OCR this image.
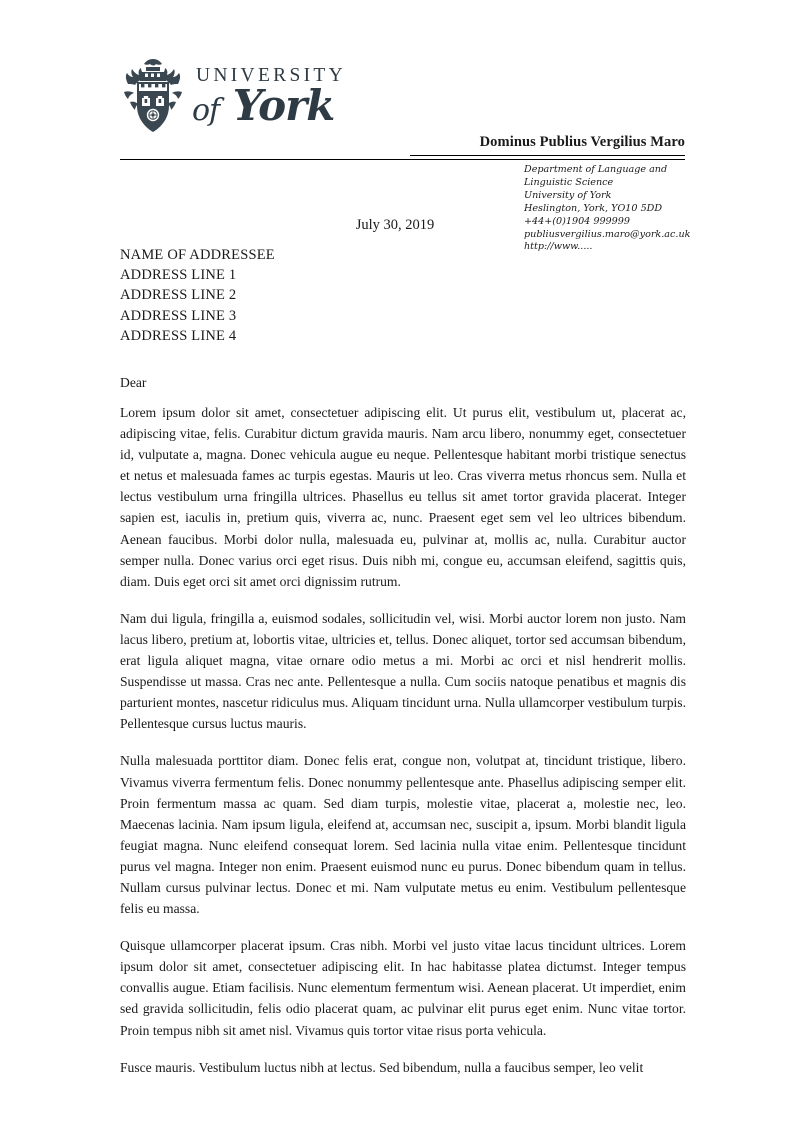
UNIVERSITY
of York
Dominus Publius Vergilius Maro
Department of Language and
Linguistic Science
University of York
Heslington, York, YO10 5DD
+44+(0)1904 999999
publiusvergilius.maro@york.ac.uk
http://www.....
July 30, 2019
NAME OF ADDRESSEE
ADDRESS LINE 1
ADDRESS LINE 2
ADDRESS LINE 3
ADDRESS LINE 4
Dear

Lorem ipsum dolor sit amet, consectetuer adipiscing elit. Ut purus elit, vestibulum ut, placerat ac, adipiscing vitae, felis. Curabitur dictum gravida mauris. Nam arcu libero, nonummy eget, consectetuer id, vulputate a, magna. Donec vehicula augue eu neque. Pellentesque habitant morbi tristique senectus et netus et malesuada fames ac turpis egestas. Mauris ut leo. Cras viverra metus rhoncus sem. Nulla et lectus vestibulum urna fringilla ultrices. Phasellus eu tellus sit amet tortor gravida placerat. Integer sapien est, iaculis in, pretium quis, viverra ac, nunc. Praesent eget sem vel leo ultrices bibendum. Aenean faucibus. Morbi dolor nulla, malesuada eu, pulvinar at, mollis ac, nulla. Curabitur auctor semper nulla. Donec varius orci eget risus. Duis nibh mi, congue eu, accumsan eleifend, sagittis quis, diam. Duis eget orci sit amet orci dignissim rutrum.

Nam dui ligula, fringilla a, euismod sodales, sollicitudin vel, wisi. Morbi auctor lorem non justo. Nam lacus libero, pretium at, lobortis vitae, ultricies et, tellus. Donec aliquet, tortor sed accumsan bibendum, erat ligula aliquet magna, vitae ornare odio metus a mi. Morbi ac orci et nisl hendrerit mollis. Suspendisse ut massa. Cras nec ante. Pellentesque a nulla. Cum sociis natoque penatibus et magnis dis parturient montes, nascetur ridiculus mus. Aliquam tincidunt urna. Nulla ullamcorper vestibulum turpis. Pellentesque cursus luctus mauris.

Nulla malesuada porttitor diam. Donec felis erat, congue non, volutpat at, tincidunt tristique, libero. Vivamus viverra fermentum felis. Donec nonummy pellentesque ante. Phasellus adipiscing semper elit. Proin fermentum massa ac quam. Sed diam turpis, molestie vitae, placerat a, molestie nec, leo. Maecenas lacinia. Nam ipsum ligula, eleifend at, accumsan nec, suscipit a, ipsum. Morbi blandit ligula feugiat magna. Nunc eleifend consequat lorem. Sed lacinia nulla vitae enim. Pellentesque tincidunt purus vel magna. Integer non enim. Praesent euismod nunc eu purus. Donec bibendum quam in tellus. Nullam cursus pulvinar lectus. Donec et mi. Nam vulputate metus eu enim. Vestibulum pellentesque felis eu massa.

Quisque ullamcorper placerat ipsum. Cras nibh. Morbi vel justo vitae lacus tincidunt ultrices. Lorem ipsum dolor sit amet, consectetuer adipiscing elit. In hac habitasse platea dictumst. Integer tempus convallis augue. Etiam facilisis. Nunc elementum fermentum wisi. Aenean placerat. Ut imperdiet, enim sed gravida sollicitudin, felis odio placerat quam, ac pulvinar elit purus eget enim. Nunc vitae tortor. Proin tempus nibh sit amet nisl. Vivamus quis tortor vitae risus porta vehicula.

Fusce mauris. Vestibulum luctus nibh at lectus. Sed bibendum, nulla a faucibus semper, leo velit
